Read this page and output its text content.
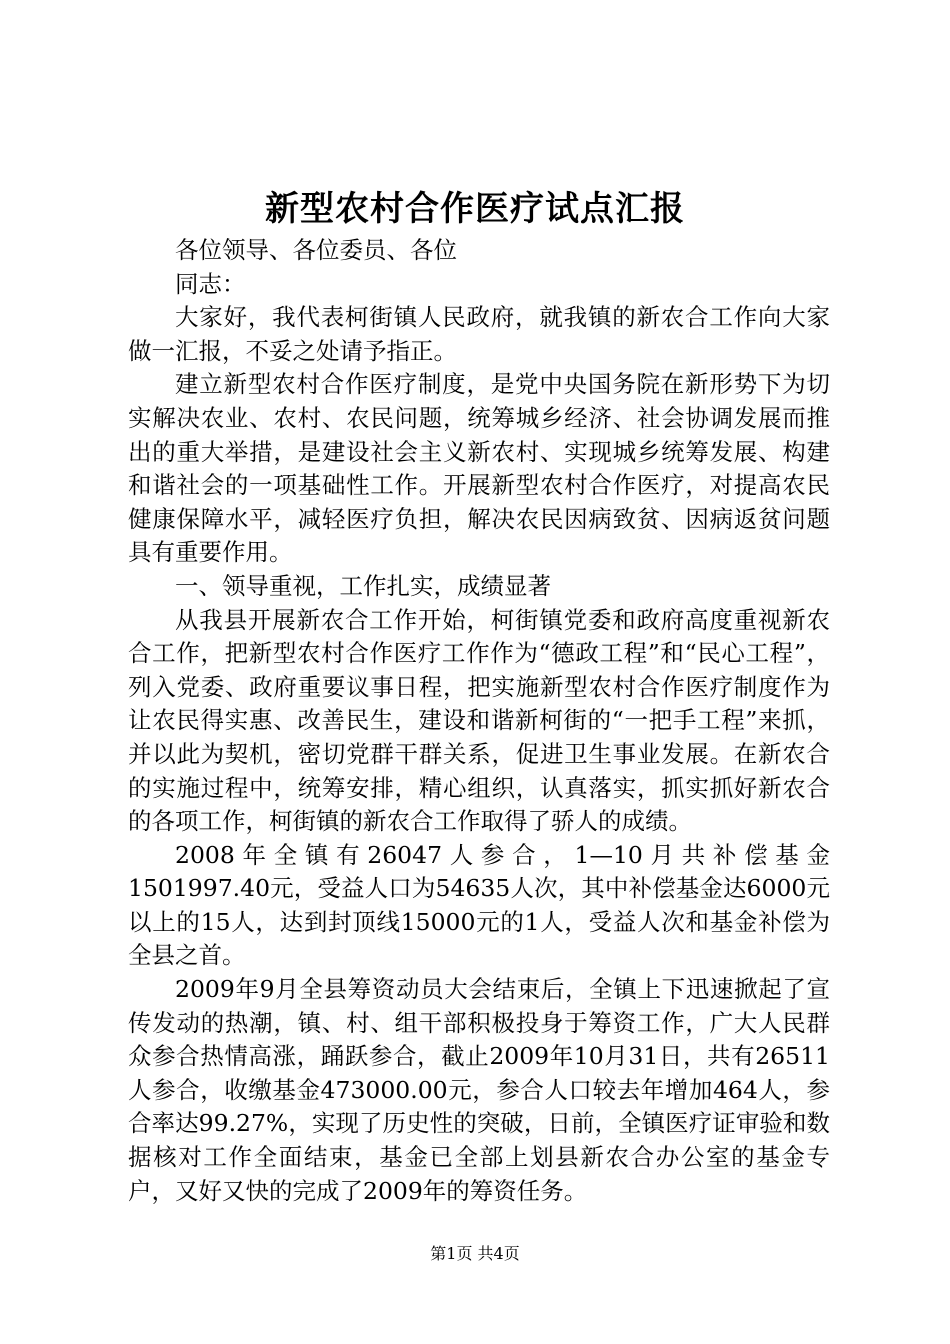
新型农村合作医疗试点汇报

各位领导、各位委员、各位

同志：

大家好，我代表柯街镇人民政府，就我镇的新农合工作向大家做一汇报，不妥之处请予指正。

建立新型农村合作医疗制度，是党中央国务院在新形势下为切实解决农业、农村、农民问题，统筹城乡经济、社会协调发展而推出的重大举措，是建设社会主义新农村、实现城乡统筹发展、构建和谐社会的一项基础性工作。开展新型农村合作医疗，对提高农民健康保障水平，减轻医疗负担，解决农民因病致贫、因病返贫问题具有重要作用。

一、领导重视，工作扎实，成绩显著

从我县开展新农合工作开始，柯街镇党委和政府高度重视新农合工作，把新型农村合作医疗工作作为“德政工程”和“民心工程”，列入党委、政府重要议事日程，把实施新型农村合作医疗制度作为让农民得实惠、改善民生，建设和谐新柯街的“一把手工程”来抓，并以此为契机，密切党群干群关系，促进卫生事业发展。在新农合的实施过程中，统筹安排，精心组织，认真落实，抓实抓好新农合的各项工作，柯街镇的新农合工作取得了骄人的成绩。

2008年全镇有26047人参合，1—10月共补偿基金1501997.40元，受益人口为54635人次，其中补偿基金达6000元以上的15人，达到封顶线15000元的1人，受益人次和基金补偿为全县之首。

2009年9月全县筹资动员大会结束后，全镇上下迅速掀起了宣传发动的热潮，镇、村、组干部积极投身于筹资工作，广大人民群众参合热情高涨，踊跃参合，截止2009年10月31日，共有26511人参合，收缴基金473000.00元，参合人口较去年增加464人，参合率达99.27%，实现了历史性的突破，日前，全镇医疗证审验和数据核对工作全面结束，基金已全部上划县新农合办公室的基金专户，又好又快的完成了2009年的筹资任务。

第1页 共4页
